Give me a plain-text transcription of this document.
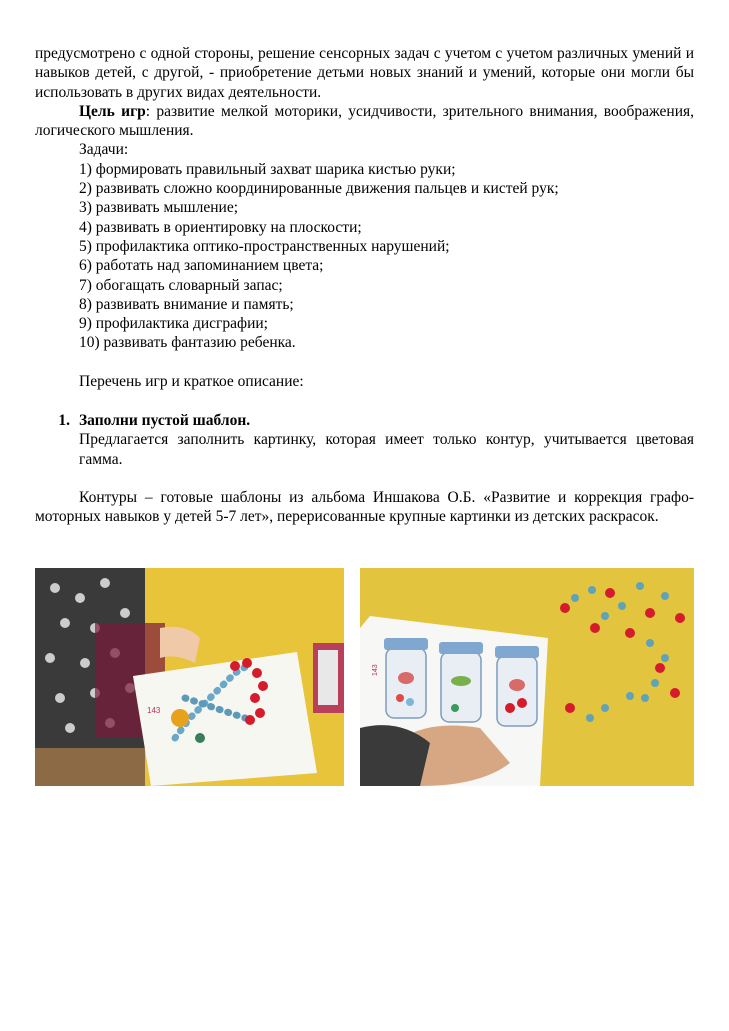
предусмотрено с одной стороны, решение сенсорных задач с учетом с учетом различных умений и навыков детей, с другой, - приобретение детьми новых знаний и умений, которые они могли бы использовать в других видах деятельности.

Цель игр: развитие мелкой моторики, усидчивости, зрительного внимания, воображения, логического мышления.

Задачи:

1) формировать правильный захват шарика кистью руки;

2) развивать сложно координированные движения пальцев и кистей рук;

3) развивать мышление;

4) развивать в ориентировку на плоскости;

5) профилактика оптико-пространственных нарушений;

6) работать над запоминанием цвета;

7) обогащать словарный запас;

8) развивать внимание и память;

9) профилактика дисграфии;

10) развивать фантазию ребенка.

Перечень игр и краткое описание:

1. Заполни пустой шаблон.

Предлагается заполнить картинку, которая имеет только контур, учитывается цветовая гамма.

Контуры – готовые шаблоны из альбома Иншакова О.Б. «Развитие и коррекция графо-моторных навыков у детей 5-7 лет», перерисованные крупные картинки из детских раскрасок.

143
143
